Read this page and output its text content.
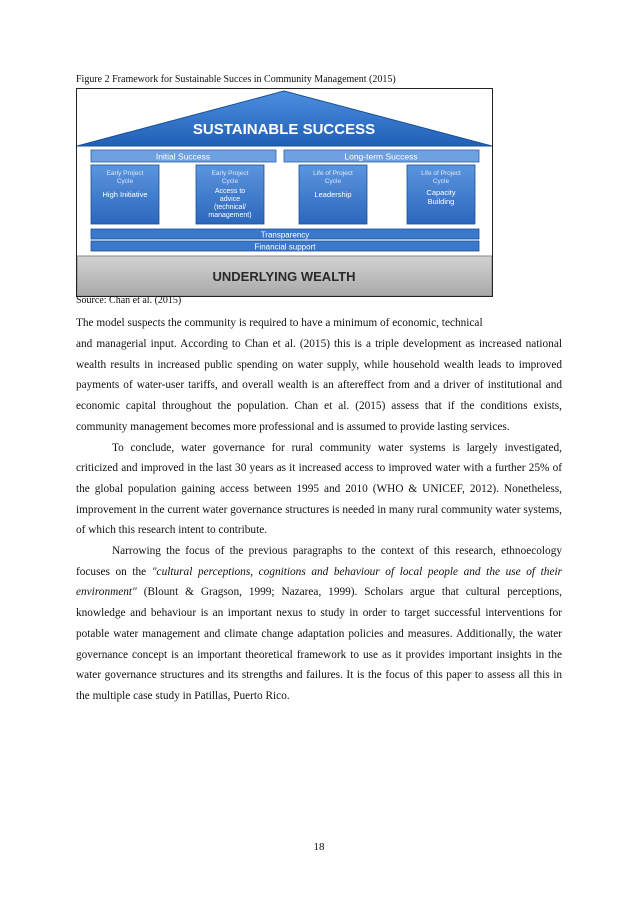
Figure 2 Framework for Sustainable Succes in Community Management (2015)
SUSTAINABLE SUCCESS
Initial Success	Long-term Success
Early Project
Cycle
High Initiative
Early Project
Cycle
Access to
advice
(technical/
management)
Life of Project
Cycle
Leadership
Life of Project
Cycle
Capacity
Building
Transparency
Financial support
UNDERLYING WEALTH
Source: Chan et al. (2015)

The model suspects the community is required to have a minimum of economic, technical

and managerial input. According to Chan et al. (2015) this is a triple development as increased national wealth results in increased public spending on water supply, while household wealth leads to improved payments of water-user tariffs, and overall wealth is an aftereffect from and a driver of institutional and economic capital throughout the population. Chan et al. (2015) assess that if the conditions exists, community management becomes more professional and is assumed to provide lasting services.

To conclude, water governance for rural community water systems is largely investigated, criticized and improved in the last 30 years as it increased access to improved water with a further 25% of the global population gaining access between 1995 and 2010 (WHO & UNICEF, 2012). Nonetheless, improvement in the current water governance structures is needed in many rural community water systems, of which this research intent to contribute.

Narrowing the focus of the previous paragraphs to the context of this research, ethnoecology focuses on the "cultural perceptions, cognitions and behaviour of local people and the use of their environment" (Blount & Gragson, 1999; Nazarea, 1999). Scholars argue that cultural perceptions, knowledge and behaviour is an important nexus to study in order to target successful interventions for potable water management and climate change adaptation policies and measures. Additionally, the water governance concept is an important theoretical framework to use as it provides important insights in the water governance structures and its strengths and failures. It is the focus of this paper to assess all this in the multiple case study in Patillas, Puerto Rico.

18
